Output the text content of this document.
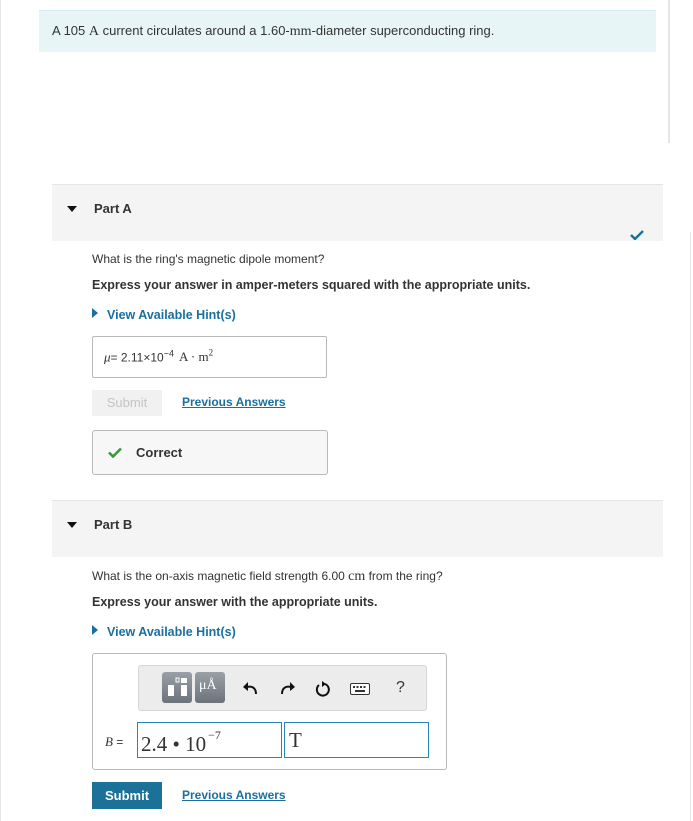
A 105 A current circulates around a 1.60-mm-diameter superconducting ring.
Part A
What is the ring's magnetic dipole moment?
Express your answer in amper-meters squared with the appropriate units.
View Available Hint(s)
$\mu= 2.11\times 10^{-4}$ $A \cdot m^2$
Submit	Previous Answers
Correct
Part B
What is the on-axis magnetic field strength 6.00 cm from the ring?
Express your answer with the appropriate units.
View Available Hint(s)
μÅ	?
B = 2.4 • 10 $^{-7}$	T
Submit	Previous Answers
